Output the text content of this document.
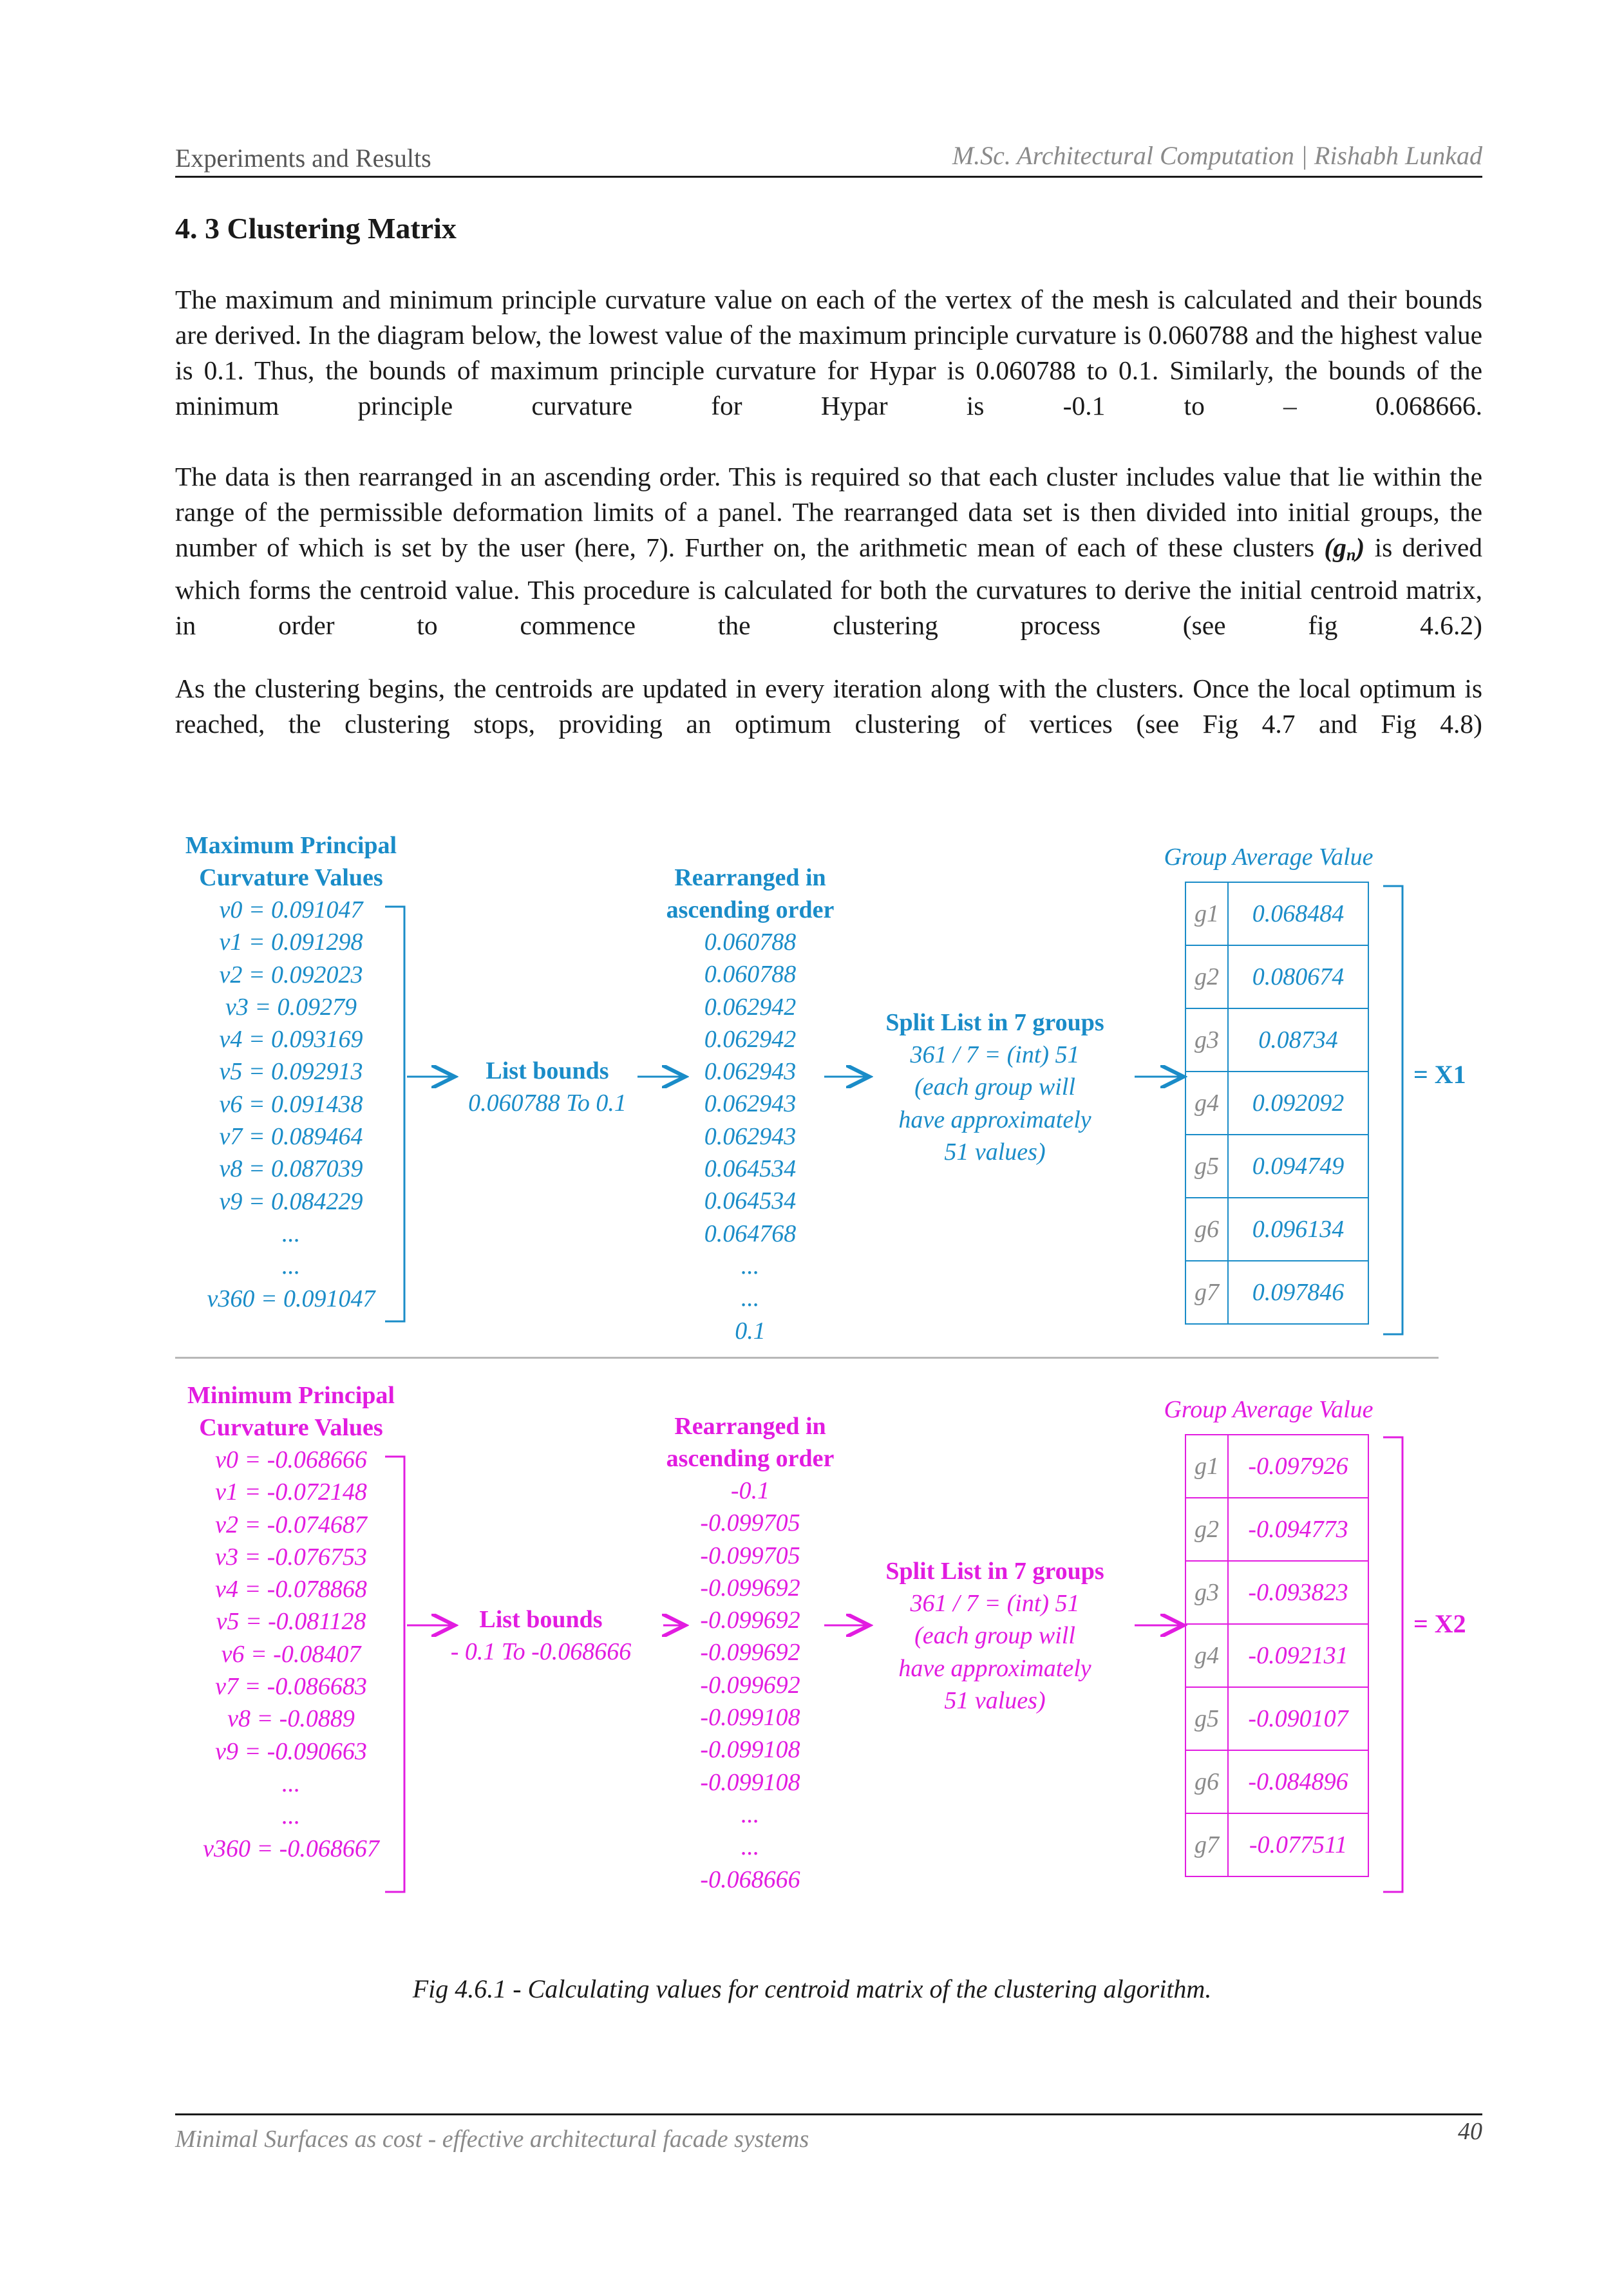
Experiments and Results	M.Sc. Architectural Computation | Rishabh Lunkad
4. 3 Clustering Matrix
The maximum and minimum principle curvature value on each of the vertex of the mesh is calculated and their bounds are derived. In the diagram below, the lowest value of the maximum principle curvature is 0.060788 and the highest value is 0.1. Thus, the bounds of maximum principle curvature for Hypar is 0.060788 to 0.1. Similarly, the bounds of the minimum principle curvature for Hypar is -0.1 to – 0.068666.
The data is then rearranged in an ascending order. This is required so that each cluster includes value that lie within the range of the permissible deformation limits of a panel. The rearranged data set is then divided into initial groups, the number of which is set by the user (here, 7). Further on, the arithmetic mean of each of these clusters $(g_n)$ is derived which forms the centroid value. This procedure is calculated for both the curvatures to derive the initial centroid matrix, in order to commence the clustering process (see fig 4.6.2)
As the clustering begins, the centroids are updated in every iteration along with the clusters. Once the local optimum is reached, the clustering stops, providing an optimum clustering of vertices (see Fig 4.7 and Fig 4.8)
Maximum Principal
Curvature Values
v0 = 0.091047
v1 = 0.091298
v2 = 0.092023
v3 = 0.09279
v4 = 0.093169
v5 = 0.092913
v6 = 0.091438
v7 = 0.089464
v8 = 0.087039
v9 = 0.084229
...
...
v360 = 0.091047
List bounds
0.060788 To 0.1
Rearranged in
ascending order
0.060788
0.060788
0.062942
0.062942
0.062943
0.062943
0.062943
0.064534
0.064534
0.064768
...
...
0.1
Split List in 7 groups
361 / 7 = (int) 51
(each group will
have approximately
51 values)
Group Average Value
g1	0.068484
g2	0.080674
g3	0.08734
g4	0.092092
g5	0.094749
g6	0.096134
g7	0.097846
= X1
Minimum Principal
Curvature Values
v0 = -0.068666
v1 = -0.072148
v2 = -0.074687
v3 = -0.076753
v4 = -0.078868
v5 = -0.081128
v6 = -0.08407
v7 = -0.086683
v8 = -0.0889
v9 = -0.090663
...
...
v360 = -0.068667
List bounds
- 0.1 To -0.068666
Rearranged in
ascending order
-0.1
-0.099705
-0.099705
-0.099692
-0.099692
-0.099692
-0.099692
-0.099108
-0.099108
-0.099108
...
...
-0.068666
Split List in 7 groups
361 / 7 = (int) 51
(each group will
have approximately
51 values)
Group Average Value
g1	-0.097926
g2	-0.094773
g3	-0.093823
g4	-0.092131
g5	-0.090107
g6	-0.084896
g7	-0.077511
= X2
Fig 4.6.1 - Calculating values for centroid matrix of the clustering algorithm.
Minimal Surfaces as cost - effective architectural facade systems	40
